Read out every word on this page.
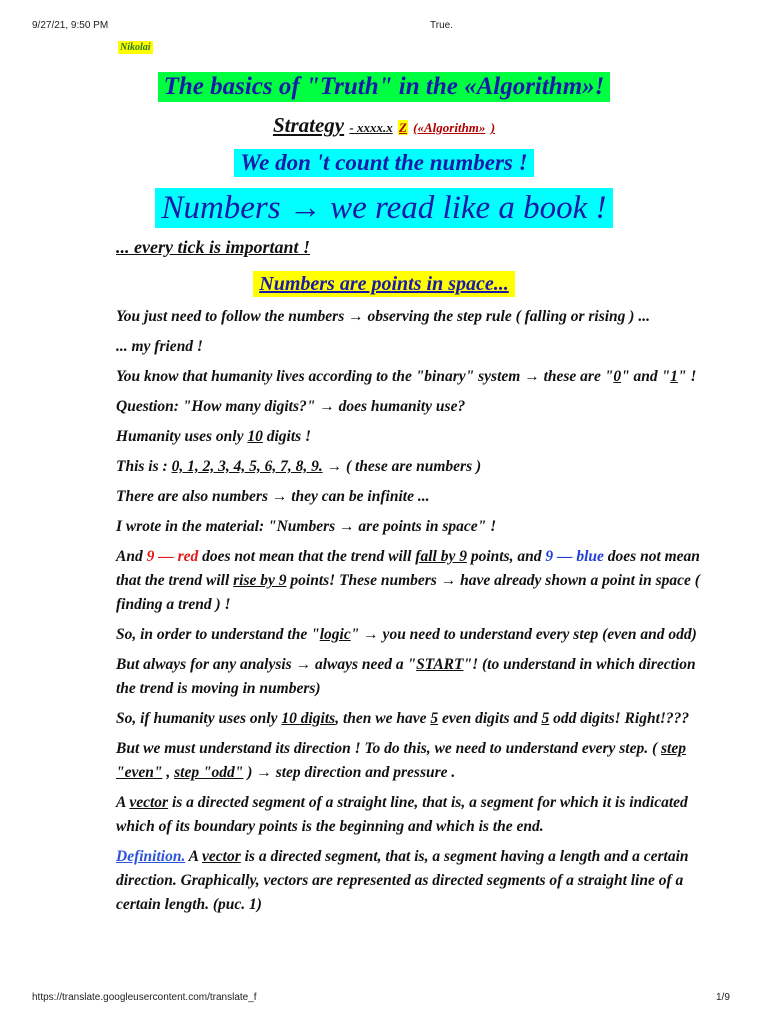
9/27/21, 9:50 PM	True.
Nikolai
The basics of "Truth" in the «Algorithm»!
Strategy - xxxx.x Z («Algorithm» )
We don 't count the numbers !
Numbers → we read like a book !
... every tick is important !
Numbers are points in space...

You just need to follow the numbers → observing the step rule ( falling or rising ) ...

... my friend !

You know that humanity lives according to the "binary" system → these are "0" and "1" !

Question: "How many digits?" → does humanity use?

Humanity uses only 10 digits !

This is : 0, 1, 2, 3, 4, 5, 6, 7, 8, 9. → ( these are numbers )

There are also numbers → they can be infinite ...

I wrote in the material: "Numbers → are points in space" !

And 9 — red does not mean that the trend will fall by 9 points, and 9 — blue does not mean that the trend will rise by 9 points! These numbers → have already shown a point in space ( finding a trend ) !

So, in order to understand the "logic" → you need to understand every step (even and odd)

But always for any analysis → always need a "START"! (to understand in which direction the trend is moving in numbers)

So, if humanity uses only 10 digits, then we have 5 even digits and 5 odd digits! Right!???

But we must understand its direction ! To do this, we need to understand every step. ( step "even" , step "odd" ) → step direction and pressure .

A vector is a directed segment of a straight line, that is, a segment for which it is indicated which of its boundary points is the beginning and which is the end.

Definition. A vector is a directed segment, that is, a segment having a length and a certain direction. Graphically, vectors are represented as directed segments of a straight line of a certain length. (puc. 1)

https://translate.googleusercontent.com/translate_f	1/9
